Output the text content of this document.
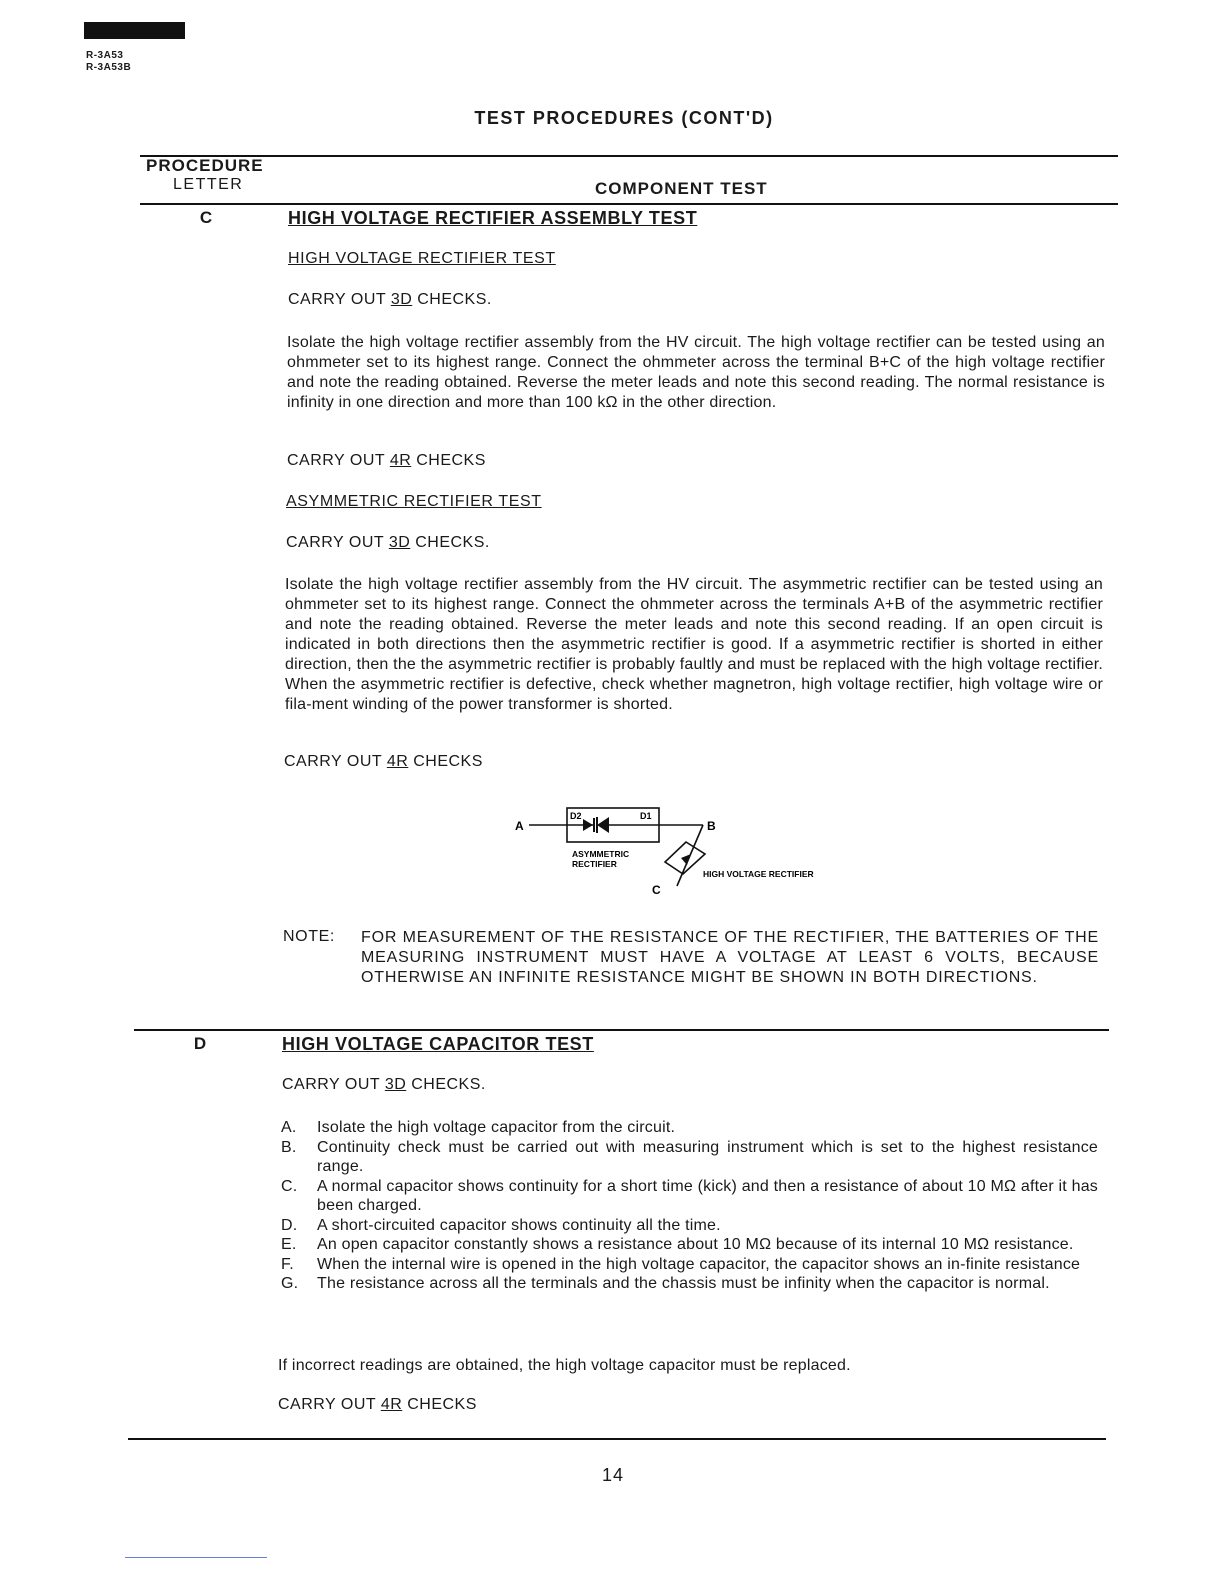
R-3A53
R-3A53B
TEST PROCEDURES (CONT'D)
PROCEDURE
LETTER	COMPONENT TEST
C	HIGH VOLTAGE RECTIFIER ASSEMBLY TEST
HIGH VOLTAGE RECTIFIER TEST
CARRY OUT 3D CHECKS.
Isolate the high voltage rectifier assembly from the HV circuit. The high voltage rectifier can be tested using an ohmmeter set to its highest range. Connect the ohmmeter across the terminal B+C of the high voltage rectifier and note the reading obtained. Reverse the meter leads and note this second reading. The normal resistance is infinity in one direction and more than 100 kΩ in the other direction.
CARRY OUT 4R CHECKS
ASYMMETRIC RECTIFIER TEST
CARRY OUT 3D CHECKS.
Isolate the high voltage rectifier assembly from the HV circuit. The asymmetric rectifier can be tested using an ohmmeter set to its highest range. Connect the ohmmeter across the terminals A+B of the asymmetric rectifier and note the reading obtained. Reverse the meter leads and note this second reading. If an open circuit is indicated in both directions then the asymmetric rectifier is good. If a asymmetric rectifier is shorted in either direction, then the the asymmetric rectifier is probably faultly and must be replaced with the high voltage rectifier. When the asymmetric rectifier is defective, check whether magnetron, high voltage rectifier, high voltage wire or fila-ment winding of the power transformer is shorted.
CARRY OUT 4R CHECKS
A	B
C
D2	D1
ASYMMETRIC
RECTIFIER
HIGH VOLTAGE RECTIFIER
NOTE: FOR MEASUREMENT OF THE RESISTANCE OF THE RECTIFIER, THE BATTERIES OF THE MEASURING INSTRUMENT MUST HAVE A VOLTAGE AT LEAST 6 VOLTS, BECAUSE OTHERWISE AN INFINITE RESISTANCE MIGHT BE SHOWN IN BOTH DIRECTIONS.
D	HIGH VOLTAGE CAPACITOR TEST
CARRY OUT 3D CHECKS.
A. Isolate the high voltage capacitor from the circuit.
B. Continuity check must be carried out with measuring instrument which is set to the highest resistance range.
C. A normal capacitor shows continuity for a short time (kick) and then a resistance of about 10 MΩ after it has been charged.
D. A short-circuited capacitor shows continuity all the time.
E. An open capacitor constantly shows a resistance about 10 MΩ because of its internal 10 MΩ resistance.
F.	When the internal wire is opened in the high voltage capacitor, the capacitor shows an in-finite resistance
G. The resistance across all the terminals and the chassis must be infinity when the capacitor is normal.
If incorrect readings are obtained, the high voltage capacitor must be replaced.
CARRY OUT 4R CHECKS
14
